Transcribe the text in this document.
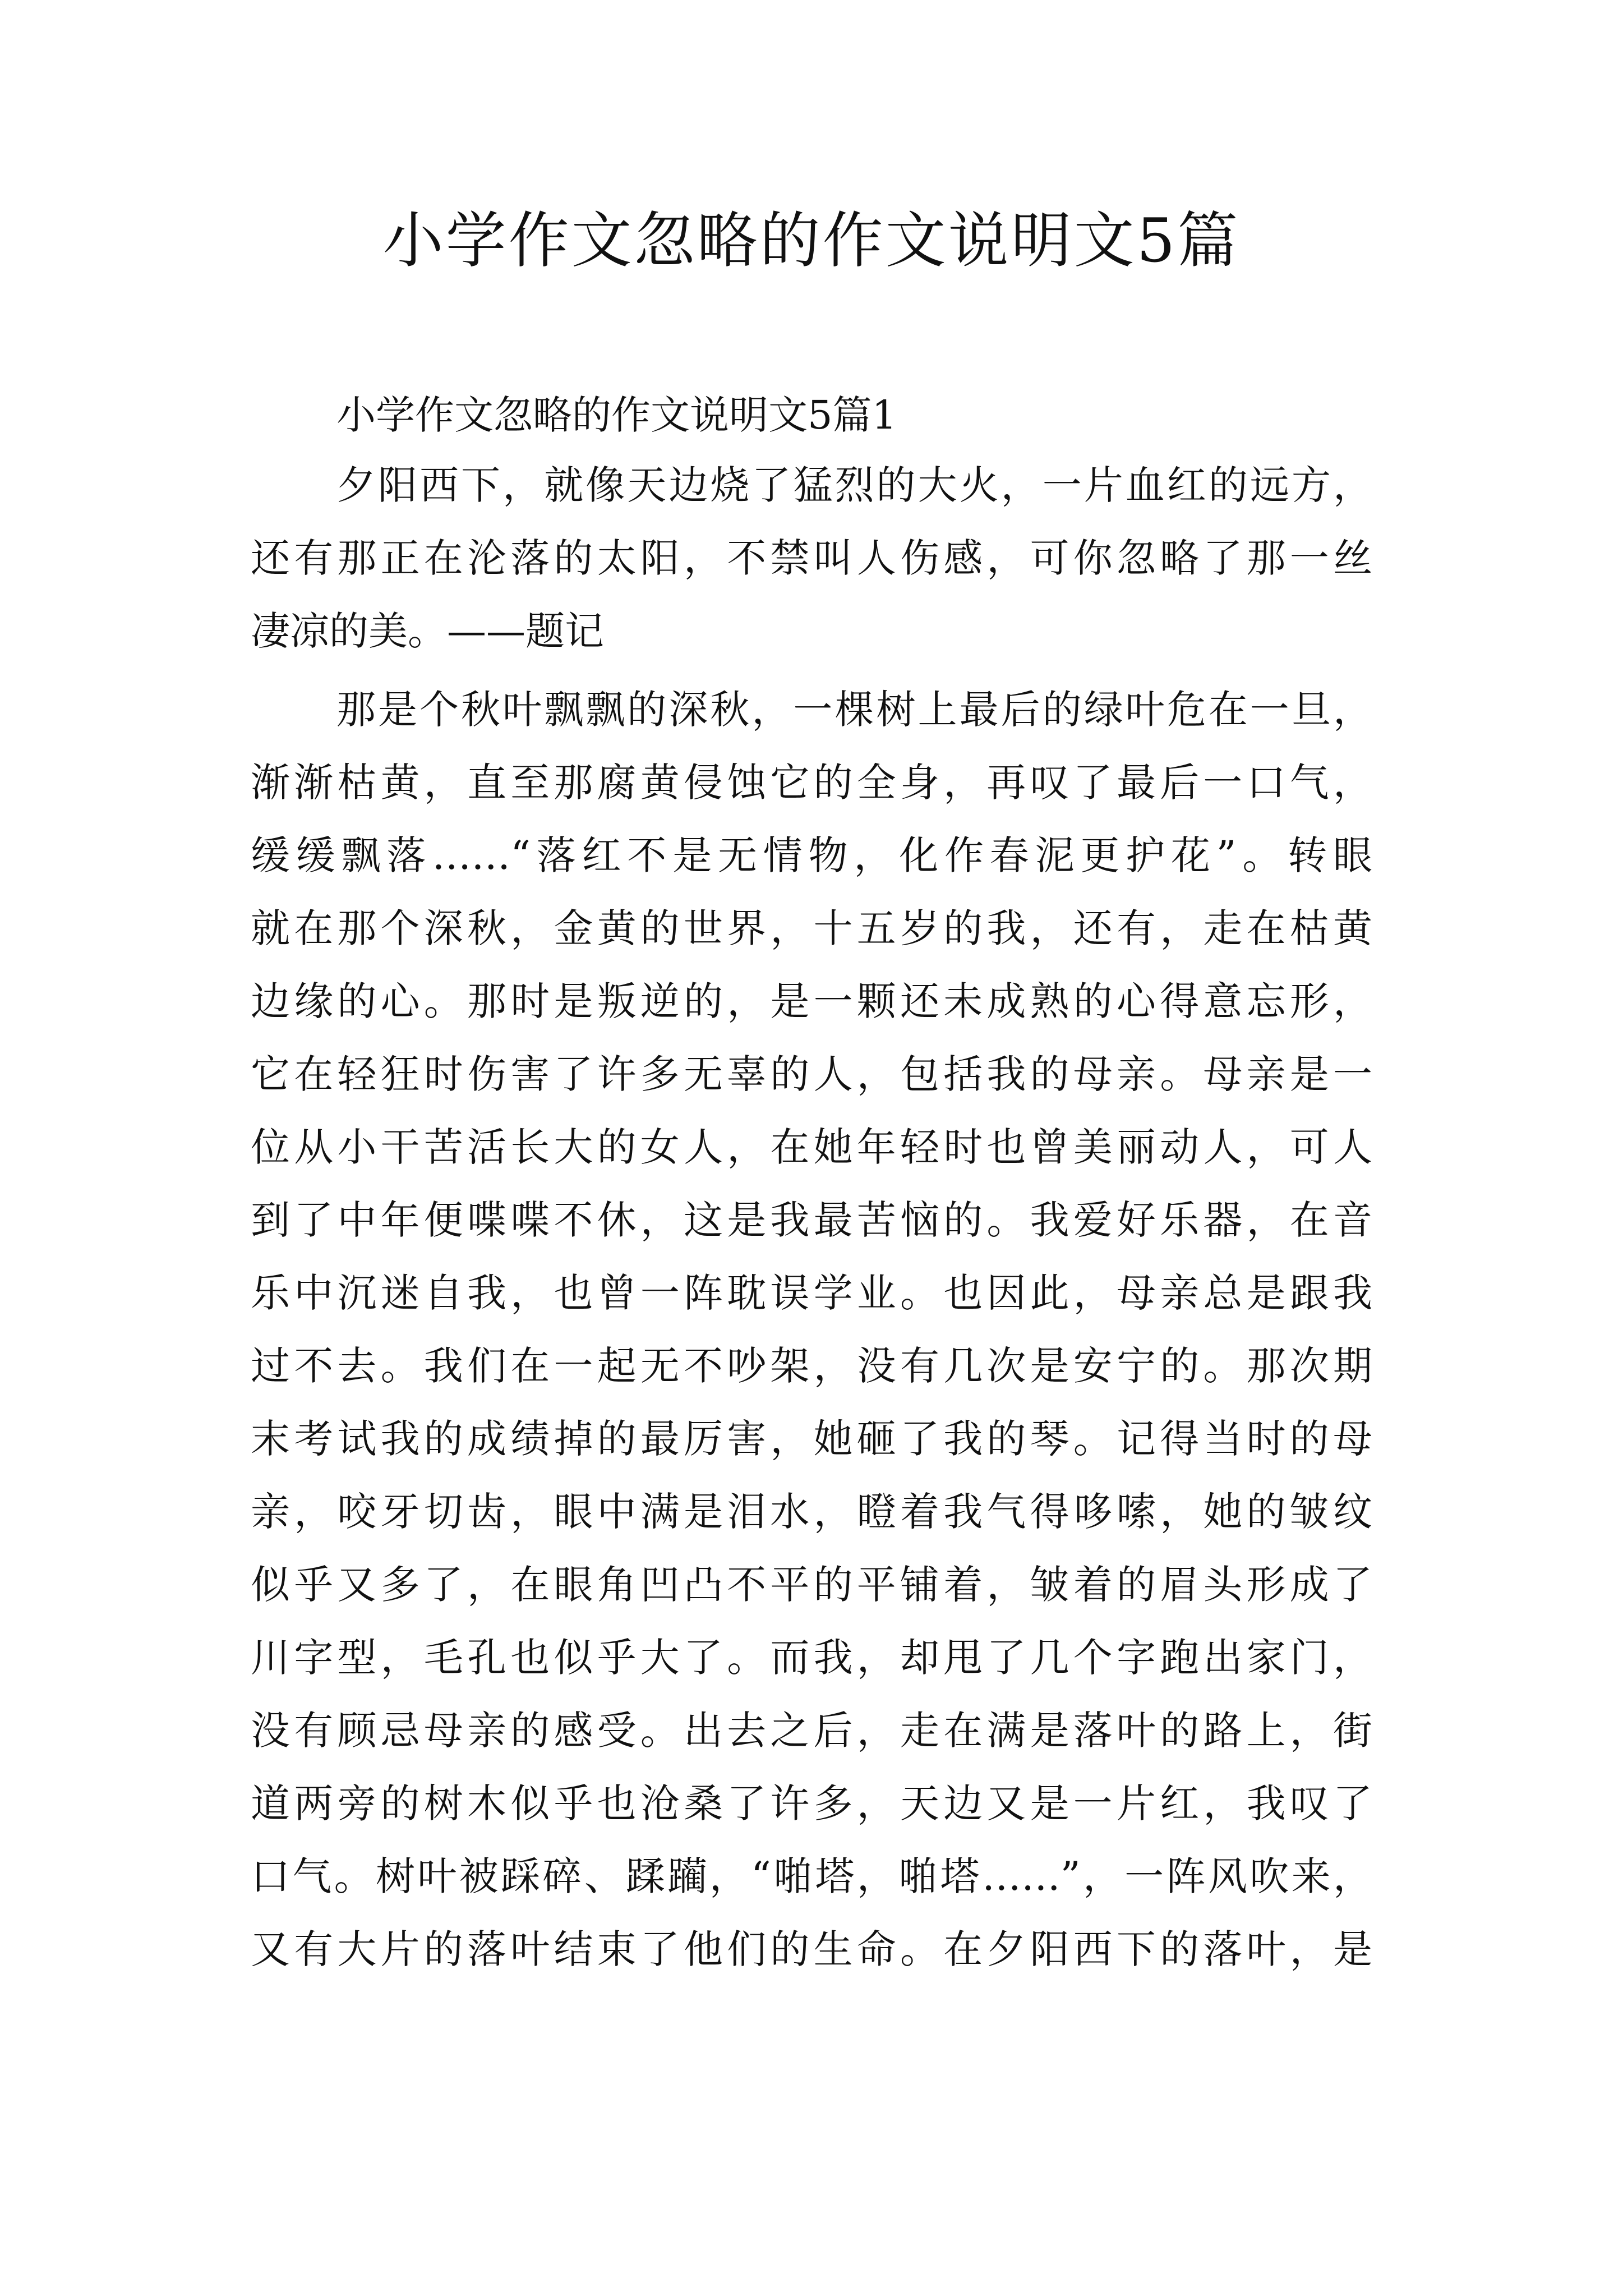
小学作文忽略的作文说明文5篇

小学作文忽略的作文说明文5篇1

夕阳西下，就像天边烧了猛烈的大火，一片血红的远方，

还有那正在沦落的太阳，不禁叫人伤感，可你忽略了那一丝

凄凉的美。——题记

那是个秋叶飘飘的深秋，一棵树上最后的绿叶危在一旦，

渐渐枯黄，直至那腐黄侵蚀它的全身，再叹了最后一口气，

缓缓飘落……“落红不是无情物，化作春泥更护花”。转眼

就在那个深秋，金黄的世界，十五岁的我，还有，走在枯黄

边缘的心。那时是叛逆的，是一颗还未成熟的心得意忘形，

它在轻狂时伤害了许多无辜的人，包括我的母亲。母亲是一

位从小干苦活长大的女人，在她年轻时也曾美丽动人，可人

到了中年便喋喋不休，这是我最苦恼的。我爱好乐器，在音

乐中沉迷自我，也曾一阵耽误学业。也因此，母亲总是跟我

过不去。我们在一起无不吵架，没有几次是安宁的。那次期

末考试我的成绩掉的最厉害，她砸了我的琴。记得当时的母

亲，咬牙切齿，眼中满是泪水，瞪着我气得哆嗦，她的皱纹

似乎又多了，在眼角凹凸不平的平铺着，皱着的眉头形成了

川字型，毛孔也似乎大了。而我，却甩了几个字跑出家门，

没有顾忌母亲的感受。出去之后，走在满是落叶的路上，街

道两旁的树木似乎也沧桑了许多，天边又是一片红，我叹了

口气。树叶被踩碎、蹂躏，“啪塔，啪塔……”，一阵风吹来，

又有大片的落叶结束了他们的生命。在夕阳西下的落叶，是
